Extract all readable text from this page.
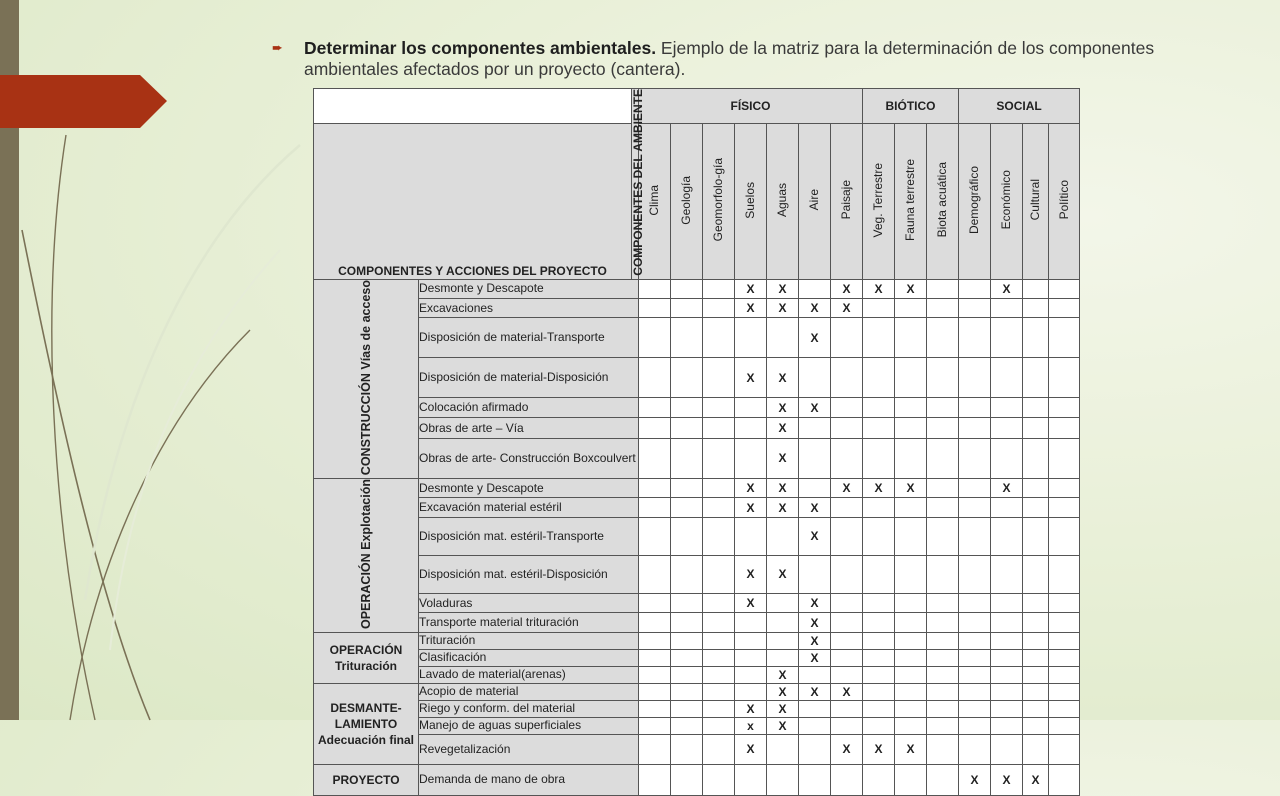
➨ Determinar los componentes ambientales. Ejemplo de la matriz para la determinación de los componentes ambientales afectados por un proyecto (cantera).
		COMPONENTES DEL AMBIENTE	FÍSICO							BIÓTICO			SOCIAL			
COMPONENTES Y ACCIONES DEL PROYECTO			Clima	Geología	Geomorfolo-gía	Suelos	Aguas	Aire	Paisaje	Veg. Terrestre	Fauna terrestre	Biota acuática	Demográfico	Económico	Cultural	Político
CONSTRUCCIÓN Vías de acceso	Desmonte y Descapote					X	X		X	X	X			X		
	Excavaciones					X	X	X	X							
	Disposición de material-Transporte							X								
	Disposición de material-Disposición					X	X									
	Colocación afirmado						X	X								
	Obras de arte – Vía						X									
	Obras de arte- Construcción Boxcoulvert						X									
OPERACIÓN Explotación	Desmonte y Descapote					X	X		X	X	X			X		
	Excavación material estéril					X	X	X								
	Disposición mat. estéril-Transporte							X								
	Disposición mat. estéril-Disposición					X	X									
	Voladuras					X		X								
	Transporte material trituración							X								
OPERACIÓN Trituración	Trituración							X								
	Clasificación							X								
	Lavado de material(arenas)						X									
DESMANTE-LAMIENTO Adecuación final	Acopio de material						X	X	X							
	Riego y conform. del material					X	X									
	Manejo de aguas superficiales					x	X									
	Revegetalización					X			X	X	X					
PROYECTO	Demanda de mano de obra												X	X	X	
